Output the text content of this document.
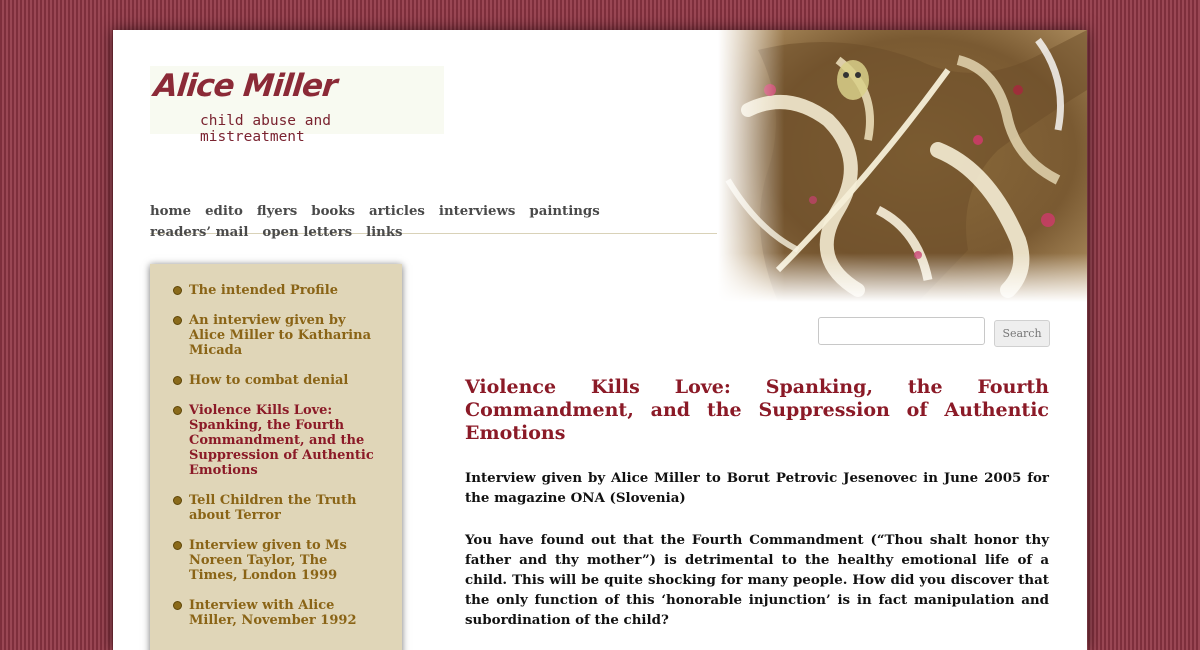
Alice Miller
child abuse and mistreatment
home edito flyers books articles interviews paintingsreaders’ mail open letters links
The intended Profile
An interview given by Alice Miller to Katharina Micada
How to combat denial
Violence Kills Love: Spanking, the Fourth Commandment, and the Suppression of Authentic Emotions
Tell Children the Truth about Terror
Interview given to Ms Noreen Taylor, The Times, London 1999
Interview with Alice Miller, November 1992
Search
Violence Kills Love: Spanking, the Fourth Commandment, and the Suppression of Authentic Emotions

Interview given by Alice Miller to Borut Petrovic Jesenovec in June 2005 for the magazine ONA (Slovenia)

You have found out that the Fourth Commandment (“Thou shalt honor thy father and thy mother”) is detrimental to the healthy emotional life of a child. This will be quite shocking for many people. How did you discover that the only function of this ‘honorable injunction’ is in fact manipulation and subordination of the child?
